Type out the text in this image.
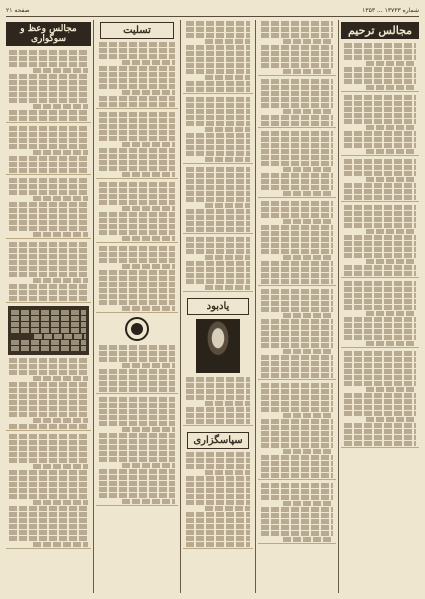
صفحه ۲۱	شماره ۱۳۷۳۳ ... ۱۳۵۳
مجالس ترحیم
یادبود
سپاسگزاری
تسلیت
مجالس وعظ و سوگواری
